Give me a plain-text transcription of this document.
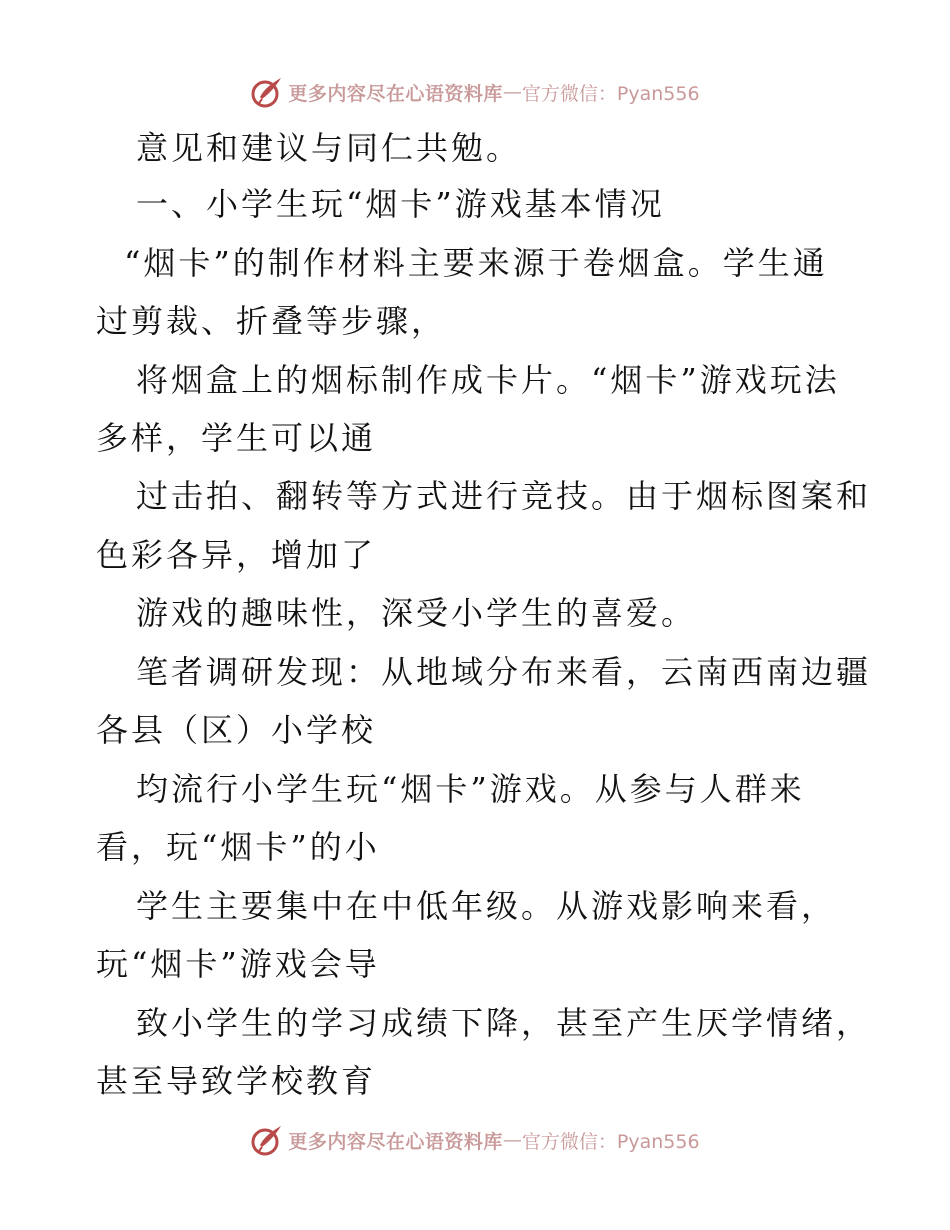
更多内容尽在心语资料库 — 官方微信：Pyan556
意见和建议与同仁共勉。
一、小学生玩“烟卡”游戏基本情况
“烟卡”的制作材料主要来源于卷烟盒。学生通
过剪裁、折叠等步骤，
将烟盒上的烟标制作成卡片。“烟卡”游戏玩法
多样，学生可以通
过击拍、翻转等方式进行竞技。由于烟标图案和
色彩各异，增加了
游戏的趣味性，深受小学生的喜爱。
笔者调研发现：从地域分布来看，云南西南边疆
各县（区）小学校
均流行小学生玩“烟卡”游戏。从参与人群来
看，玩“烟卡”的小
学生主要集中在中低年级。从游戏影响来看，
玩“烟卡”游戏会导
致小学生的学习成绩下降，甚至产生厌学情绪，
甚至导致学校教育
更多内容尽在心语资料库 — 官方微信：Pyan556
